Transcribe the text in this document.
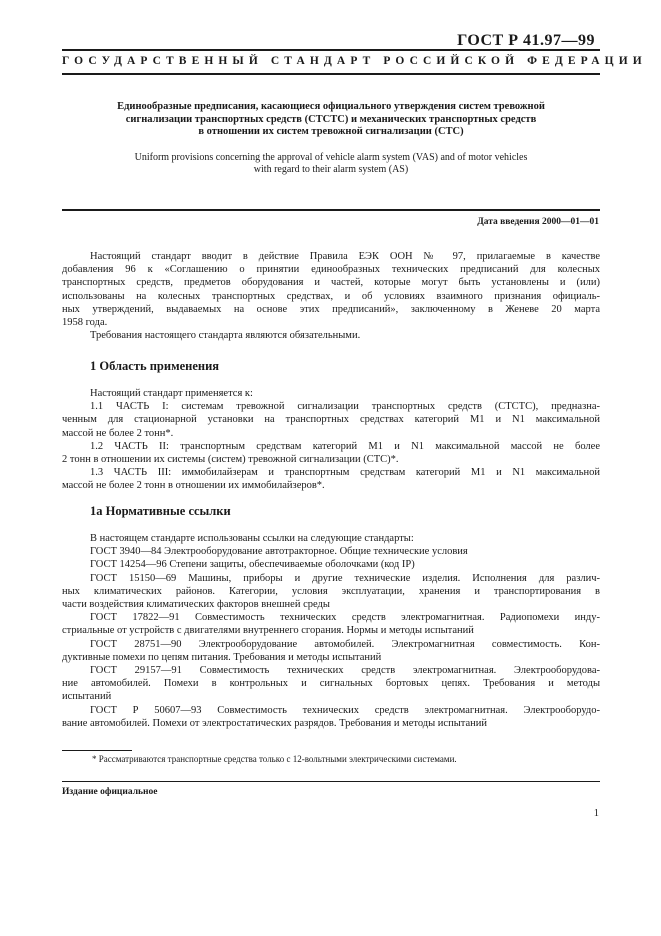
ГОСТ Р 41.97—99
ГОСУДАРСТВЕННЫЙ СТАНДАРТ РОССИЙСКОЙ ФЕДЕРАЦИИ
Единообразные предписания, касающиеся официального утверждения систем тревожной
сигнализации транспортных средств (СТСТС) и механических транспортных средств
в отношении их систем тревожной сигнализации (СТС)
Uniform provisions concerning the approval of vehicle alarm system (VAS) and of motor vehicles
with regard to their alarm system (AS)
Дата введения 2000—01—01

Настоящий стандарт вводит в действие Правила ЕЭК ООН № 97, прилагаемые в качестве

добавления 96 к «Соглашению о принятии единообразных технических предписаний для колесных

транспортных средств, предметов оборудования и частей, которые могут быть установлены и (или)

использованы на колесных транспортных средствах, и об условиях взаимного признания официаль-

ных утверждений, выдаваемых на основе этих предписаний», заключенному в Женеве 20 марта

1958 года.

Требования настоящего стандарта являются обязательными.

1 Область применения

Настоящий стандарт применяется к:

1.1 ЧАСТЬ I: системам тревожной сигнализации транспортных средств (СТСТС), предназна-

ченным для стационарной установки на транспортных средствах категорий M1 и N1 максимальной

массой не более 2 тонн*.

1.2 ЧАСТЬ II: транспортным средствам категорий M1 и N1 максимальной массой не более

2 тонн в отношении их системы (систем) тревожной сигнализации (СТС)*.

1.3 ЧАСТЬ III: иммобилайзерам и транспортным средствам категорий M1 и N1 максимальной

массой не более 2 тонн в отношении их иммобилайзеров*.

1а Нормативные ссылки

В настоящем стандарте использованы ссылки на следующие стандарты:

ГОСТ 3940—84 Электрооборудование автотракторное. Общие технические условия

ГОСТ 14254—96 Степени защиты, обеспечиваемые оболочками (код IP)

ГОСТ 15150—69 Машины, приборы и другие технические изделия. Исполнения для различ-

ных климатических районов. Категории, условия эксплуатации, хранения и транспортирования в

части воздействия климатических факторов внешней среды

ГОСТ 17822—91 Совместимость технических средств электромагнитная. Радиопомехи инду-

стриальные от устройств с двигателями внутреннего сгорания. Нормы и методы испытаний

ГОСТ 28751—90 Электрооборудование автомобилей. Электромагнитная совместимость. Кон-

дуктивные помехи по цепям питания. Требования и методы испытаний

ГОСТ 29157—91 Совместимость технических средств электромагнитная. Электрооборудова-

ние автомобилей. Помехи в контрольных и сигнальных бортовых цепях. Требования и методы

испытаний

ГОСТ Р 50607—93 Совместимость технических средств электромагнитная. Электрооборудо-

вание автомобилей. Помехи от электростатических разрядов. Требования и методы испытаний

* Рассматриваются транспортные средства только с 12-вольтными электрическими системами.
Издание официальное
1
